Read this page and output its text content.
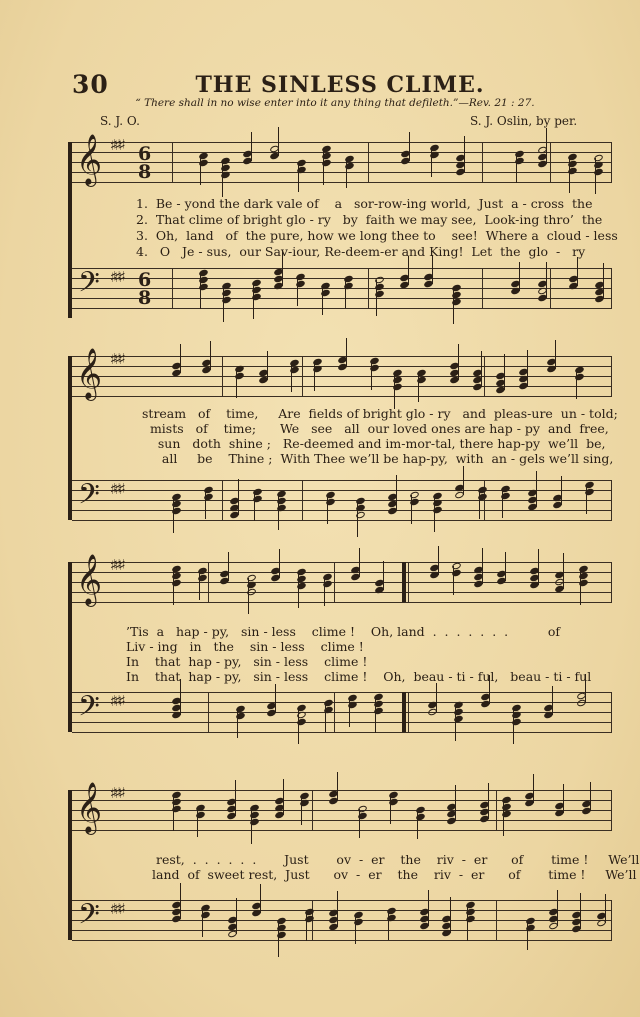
30	THE SINLESS CLIME.
“ There shall in no wise enter into it any thing that defileth.”—Rev. 21 : 27.
S. J. O.	S. J. Oslin, by per.
𝄞 ♯♯♯ 6
8
1.  Be - yond the dark vale of    a   sor-row-ing world,  Just  a - cross  the
2.  That clime of bright glo - ry   by  faith we may see,  Look-ing thro’  the
3.  Oh,  land   of  the pure, how we long thee to    see!  Where a  cloud - less
4.   O   Je - sus,  our Sav-iour, Re-deem-er and King!  Let  the  glo  -   ry
𝄢 ♯♯♯ 6
8
𝄞 ♯♯♯
stream   of    time,     Are  fields of bright glo - ry   and  pleas-ure  un - told;
mists   of    time;      We   see   all  our loved ones are hap - py  and  free,
sun   doth  shine ;   Re-deemed and im-mor-tal, there hap-py  we’ll  be,
all     be    Thine ;  With Thee we’ll be hap-py,  with  an - gels we’ll sing,
𝄢 ♯♯♯
𝄞 ♯♯♯
’Tis  a   hap - py,   sin - less    clime !    Oh, land  .  .  .  .  .  .  .          of
Liv - ing   in   the    sin - less    clime !
In    that  hap - py,   sin - less    clime !
In    that  hap - py,   sin - less    clime !    Oh,  beau - ti - ful,   beau - ti - ful
𝄢 ♯♯♯
𝄞 ♯♯♯
rest,  .  .  .  .  .  .       Just       ov  -  er    the    riv  -  er      of       time !     We’ll
land  of  sweet rest,  Just      ov  -  er    the    riv  -  er      of       time !     We’ll
𝄢 ♯♯♯
